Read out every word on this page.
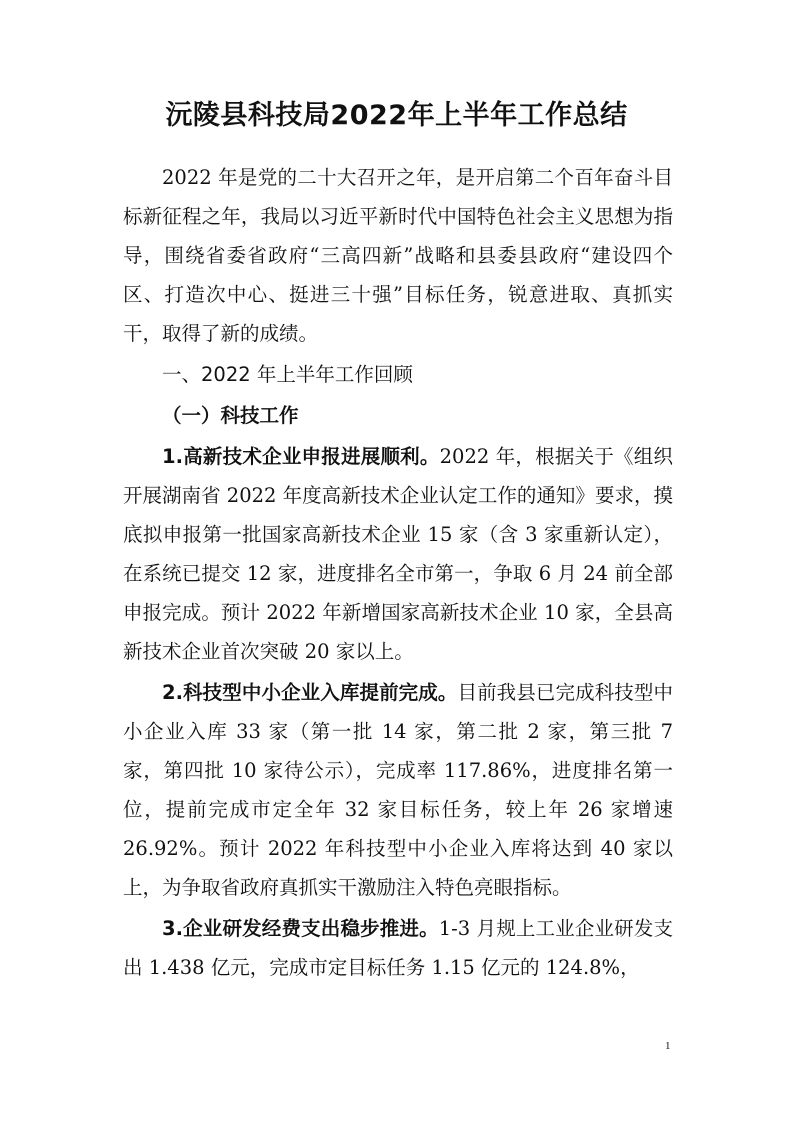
沅陵县科技局2022年上半年工作总结

2022 年是党的二十大召开之年，是开启第二个百年奋斗目标新征程之年，我局以习近平新时代中国特色社会主义思想为指导，围绕省委省政府“三高四新”战略和县委县政府“建设四个区、打造次中心、挺进三十强”目标任务，锐意进取、真抓实干，取得了新的成绩。

一、2022 年上半年工作回顾

（一）科技工作

1.高新技术企业申报进展顺利。2022 年，根据关于《组织开展湖南省 2022 年度高新技术企业认定工作的通知》要求，摸底拟申报第一批国家高新技术企业 15 家（含 3 家重新认定），在系统已提交 12 家，进度排名全市第一，争取 6 月 24 前全部申报完成。预计 2022 年新增国家高新技术企业 10 家，全县高新技术企业首次突破 20 家以上。

2.科技型中小企业入库提前完成。目前我县已完成科技型中小企业入库 33 家（第一批 14 家，第二批 2 家，第三批 7 家，第四批 10 家待公示），完成率 117.86%，进度排名第一位，提前完成市定全年 32 家目标任务，较上年 26 家增速 26.92%。预计 2022 年科技型中小企业入库将达到 40 家以上，为争取省政府真抓实干激励注入特色亮眼指标。

3.企业研发经费支出稳步推进。1-3 月规上工业企业研发支出 1.438 亿元，完成市定目标任务 1.15 亿元的 124.8%，

1
